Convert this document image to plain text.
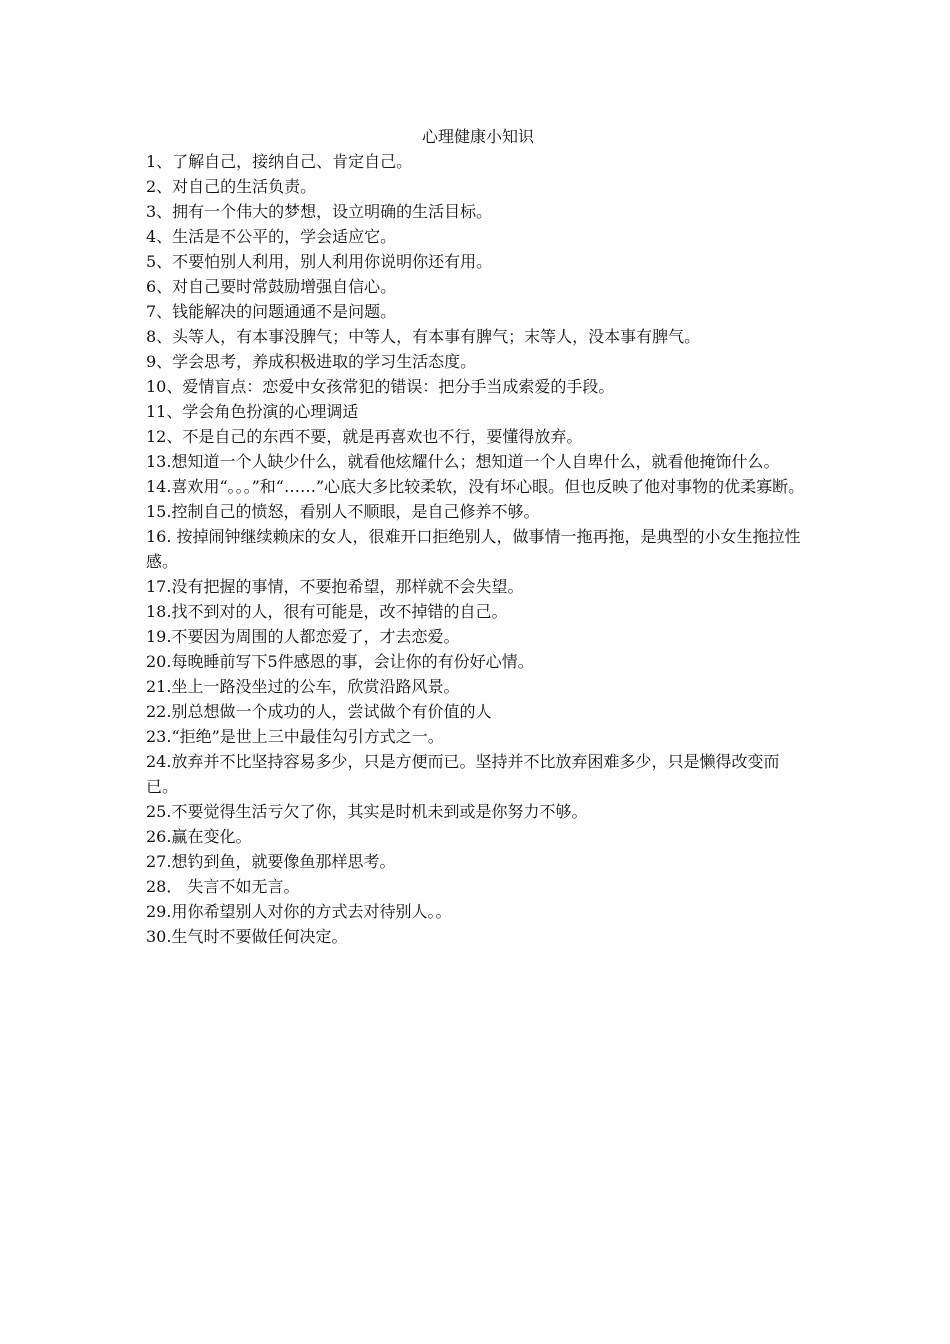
心理健康小知识
1、了解自己，接纳自己、肯定自己。
2、对自己的生活负责。
3、拥有一个伟大的梦想，设立明确的生活目标。
4、生活是不公平的，学会适应它。
5、不要怕别人利用，别人利用你说明你还有用。
6、对自己要时常鼓励增强自信心。
7、钱能解决的问题通通不是问题。
8、头等人，有本事没脾气；中等人，有本事有脾气；末等人，没本事有脾气。
9、学会思考，养成积极进取的学习生活态度。
10、爱情盲点：恋爱中女孩常犯的错误：把分手当成索爱的手段。
11、学会角色扮演的心理调适
12、不是自己的东西不要，就是再喜欢也不行，要懂得放弃。
13.想知道一个人缺少什么，就看他炫耀什么；想知道一个人自卑什么，就看他掩饰什么。
14.喜欢用“。。。”和“……”心底大多比较柔软，没有坏心眼。但也反映了他对事物的优柔寡断。
15.控制自己的愤怒，看别人不顺眼，是自己修养不够。
16. 按掉闹钟继续赖床的女人，很难开口拒绝别人，做事情一拖再拖，是典型的小女生拖拉性感。
17.没有把握的事情，不要抱希望，那样就不会失望。
18.找不到对的人，很有可能是，改不掉错的自己。
19.不要因为周围的人都恋爱了，才去恋爱。
20.每晚睡前写下5件感恩的事，会让你的有份好心情。
21.坐上一路没坐过的公车，欣赏沿路风景。
22.别总想做一个成功的人，尝试做个有价值的人
23.“拒绝”是世上三中最佳勾引方式之一。
24.放弃并不比坚持容易多少，只是方便而已。坚持并不比放弃困难多少，只是懒得改变而已。
25.不要觉得生活亏欠了你，其实是时机未到或是你努力不够。
26.赢在变化。
27.想钓到鱼，就要像鱼那样思考。
28． 失言不如无言。
29.用你希望别人对你的方式去对待别人。。
30.生气时不要做任何决定。
